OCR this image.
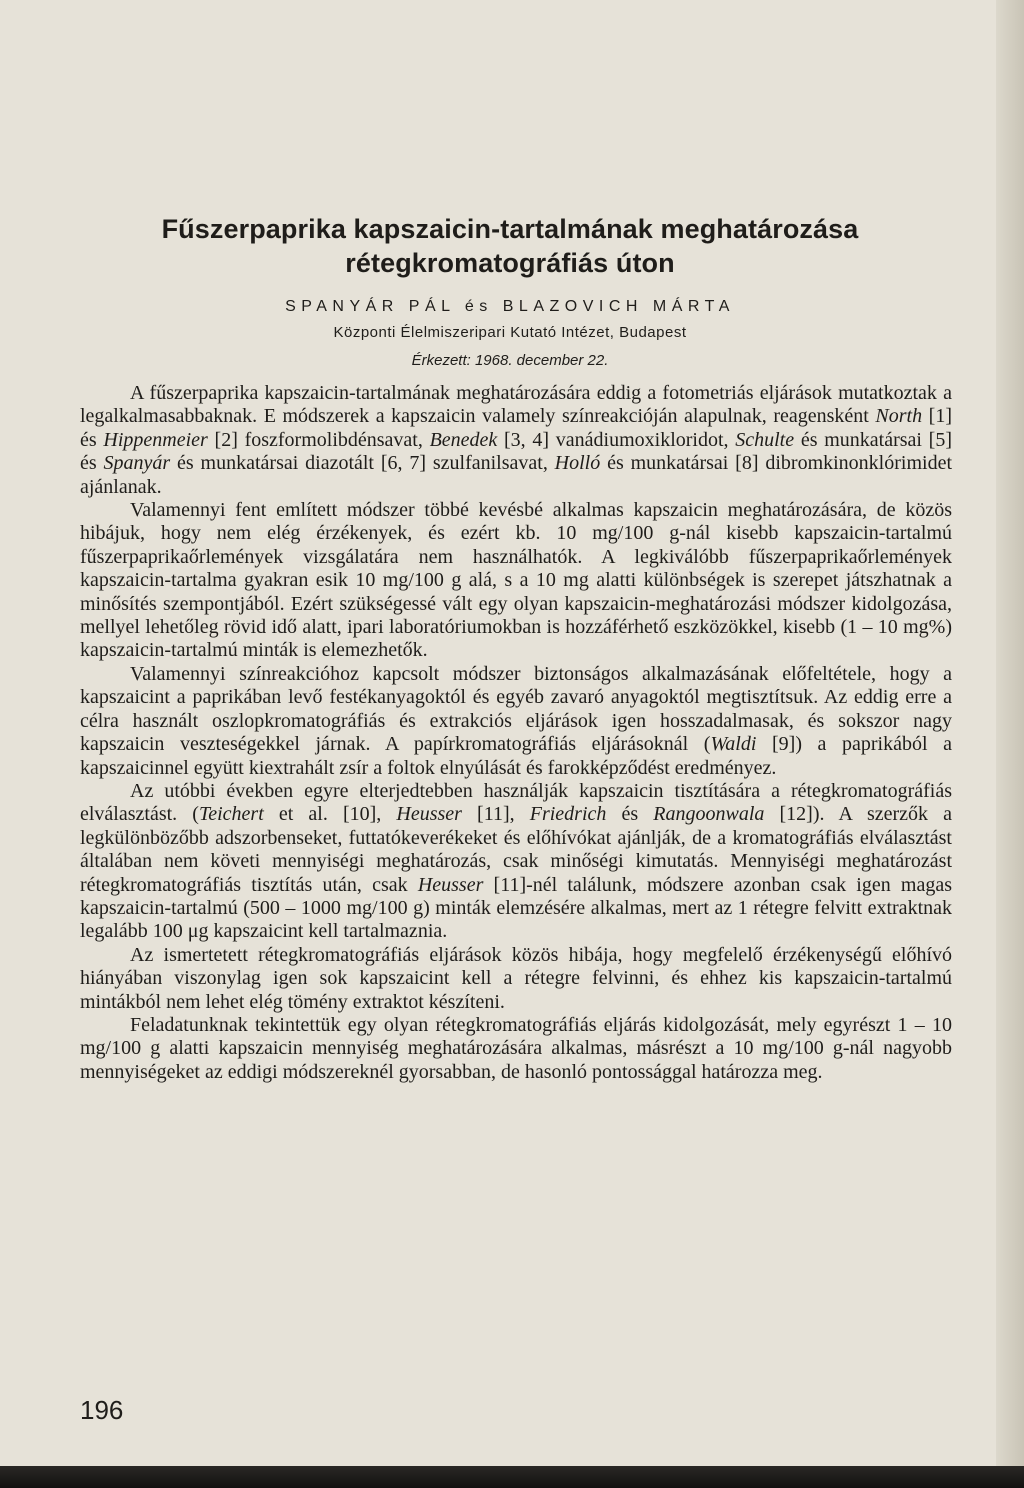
Fűszerpaprika kapszaicin-tartalmának meghatározása
rétegkromatográfiás úton
SPANYÁR PÁL és BLAZOVICH MÁRTA
Központi Élelmiszeripari Kutató Intézet, Budapest
Érkezett: 1968. december 22.

A fűszerpaprika kapszaicin-tartalmának meghatározására eddig a fotometriás eljárások mutatkoztak a legalkalmasabbaknak. E módszerek a kapszaicin valamely színreakcióján alapulnak, reagensként North [1] és Hippenmeier [2] foszformolibdénsavat, Benedek [3, 4] vanádiumoxikloridot, Schulte és munkatársai [5] és Spanyár és munkatársai diazotált [6, 7] szulfanilsavat, Holló és munkatársai [8] dibromkinonklórimidet ajánlanak.

Valamennyi fent említett módszer többé kevésbé alkalmas kapszaicin meghatározására, de közös hibájuk, hogy nem elég érzékenyek, és ezért kb. 10 mg/100 g-nál kisebb kapszaicin-tartalmú fűszerpaprikaőrlemények vizsgálatára nem használhatók. A legkiválóbb fűszerpaprikaőrlemények kapszaicin-tartalma gyakran esik 10 mg/100 g alá, s a 10 mg alatti különbségek is szerepet játszhatnak a minősítés szempontjából. Ezért szükségessé vált egy olyan kapszaicin-meghatározási módszer kidolgozása, mellyel lehetőleg rövid idő alatt, ipari laboratóriumokban is hozzáférhető eszközökkel, kisebb (1 – 10 mg%) kapszaicin-tartalmú minták is elemezhetők.

Valamennyi színreakcióhoz kapcsolt módszer biztonságos alkalmazásának előfeltétele, hogy a kapszaicint a paprikában levő festékanyagoktól és egyéb zavaró anyagoktól megtisztítsuk. Az eddig erre a célra használt oszlopkromatográfiás és extrakciós eljárások igen hosszadalmasak, és sokszor nagy kapszaicin veszteségekkel járnak. A papírkromatográfiás eljárásoknál (Waldi [9]) a paprikából a kapszaicinnel együtt kiextrahált zsír a foltok elnyúlását és farokképződést eredményez.

Az utóbbi években egyre elterjedtebben használják kapszaicin tisztítására a rétegkromatográfiás elválasztást. (Teichert et al. [10], Heusser [11], Friedrich és Rangoonwala [12]). A szerzők a legkülönbözőbb adszorbenseket, futtatókeverékeket és előhívókat ajánlják, de a kromatográfiás elválasztást általában nem követi mennyiségi meghatározás, csak minőségi kimutatás. Mennyiségi meghatározást rétegkromatográfiás tisztítás után, csak Heusser [11]-nél találunk, módszere azonban csak igen magas kapszaicin-tartalmú (500 – 1000 mg/100 g) minták elemzésére alkalmas, mert az 1 rétegre felvitt extraktnak legalább 100 μg kapszaicint kell tartalmaznia.

Az ismertetett rétegkromatográfiás eljárások közös hibája, hogy megfelelő érzékenységű előhívó hiányában viszonylag igen sok kapszaicint kell a rétegre felvinni, és ehhez kis kapszaicin-tartalmú mintákból nem lehet elég tömény extraktot készíteni.

Feladatunknak tekintettük egy olyan rétegkromatográfiás eljárás kidolgozását, mely egyrészt 1 – 10 mg/100 g alatti kapszaicin mennyiség meghatározására alkalmas, másrészt a 10 mg/100 g-nál nagyobb mennyiségeket az eddigi módszereknél gyorsabban, de hasonló pontossággal határozza meg.

196
